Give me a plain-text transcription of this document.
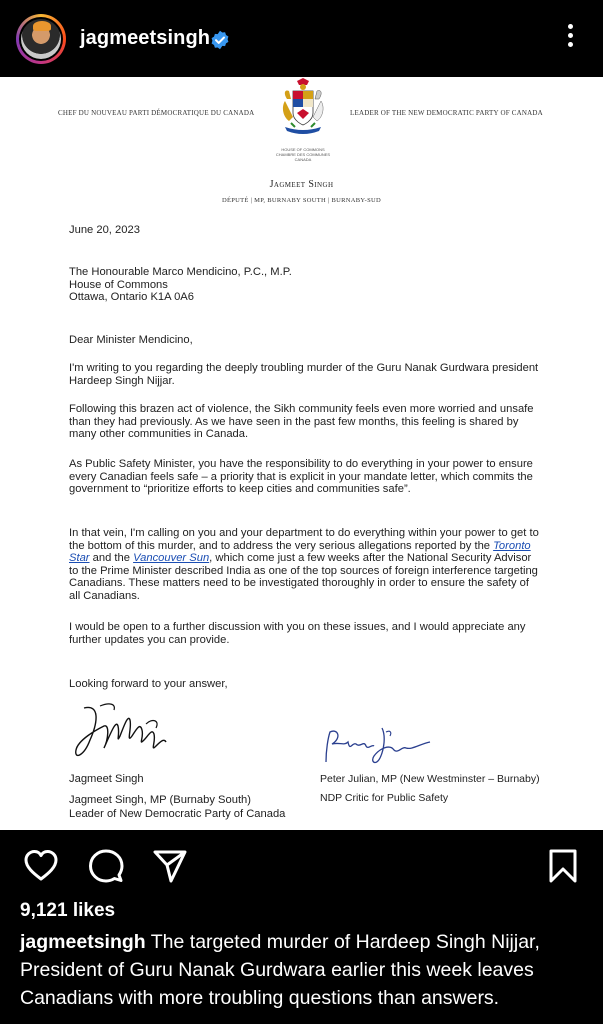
jagmeetsingh
CHEF DU NOUVEAU PARTI DÉMOCRATIQUE DU CANADA	LEADER OF THE NEW DEMOCRATIC PARTY OF CANADA
HOUSE OF COMMONS
CHAMBRE DES COMMUNES
CANADA
Jagmeet Singh
DÉPUTÉ | MP, BURNABY SOUTH | BURNABY-SUD
June 20, 2023
The Honourable Marco Mendicino, P.C., M.P.
House of Commons
Ottawa, Ontario K1A 0A6
Dear Minister Mendicino,
I'm writing to you regarding the deeply troubling murder of the Guru Nanak Gurdwara president Hardeep Singh Nijjar.
Following this brazen act of violence, the Sikh community feels even more worried and unsafe than they had previously. As we have seen in the past few months, this feeling is shared by many other communities in Canada.
As Public Safety Minister, you have the responsibility to do everything in your power to ensure every Canadian feels safe – a priority that is explicit in your mandate letter, which commits the government to “prioritize efforts to keep cities and communities safe”.
In that vein, I'm calling on you and your department to do everything within your power to get to the bottom of this murder, and to address the very serious allegations reported by the Toronto Star and the Vancouver Sun, which come just a few weeks after the National Security Advisor to the Prime Minister described India as one of the top sources of foreign interference targeting Canadians. These matters need to be investigated thoroughly in order to ensure the safety of all Canadians.
I would be open to a further discussion with you on these issues, and I would appreciate any further updates you can provide.
Looking forward to your answer,
Jagmeet Singh
Jagmeet Singh, MP (Burnaby South)
Leader of New Democratic Party of Canada
Peter Julian, MP (New Westminster – Burnaby)
NDP Critic for Public Safety
9,121 likes
jagmeetsingh The targeted murder of Hardeep Singh Nijjar, President of Guru Nanak Gurdwara earlier this week leaves Canadians with more troubling questions than answers.
